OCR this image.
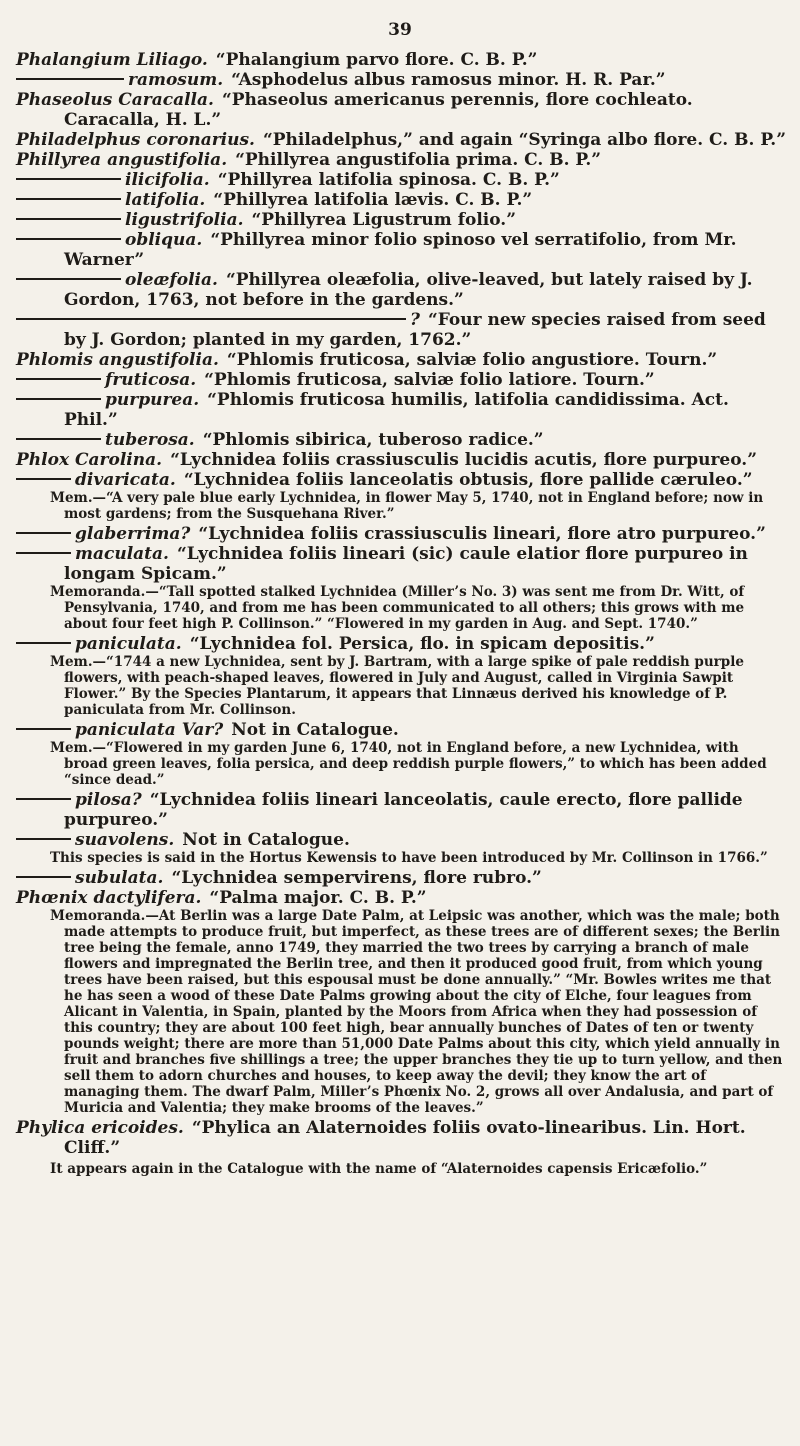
39

Phalangium Liliago. “Phalangium parvo flore. C. B. P.”

ramosum. “Asphodelus albus ramosus minor. H. R. Par.”

Phaseolus Caracalla. “Phaseolus americanus perennis, flore cochleato. Caracalla, H. L.”

Philadelphus coronarius. “Philadelphus,” and again “Syringa albo flore. C. B. P.”

Phillyrea angustifolia. “Phillyrea angustifolia prima. C. B. P.”

ilicifolia. “Phillyrea latifolia spinosa. C. B. P.”

latifolia. “Phillyrea latifolia lævis. C. B. P.”

ligustrifolia. “Phillyrea Ligustrum folio.”

obliqua. “Phillyrea minor folio spinoso vel serratifolio, from Mr. Warner”

oleæfolia. “Phillyrea oleæfolia, olive-leaved, but lately raised by J. Gordon, 1763, not before in the gardens.”

? “Four new species raised from seed by J. Gordon; planted in my garden, 1762.”

Phlomis angustifolia. “Phlomis fruticosa, salviæ folio angustiore. Tourn.”

fruticosa. “Phlomis fruticosa, salviæ folio latiore. Tourn.”

purpurea. “Phlomis fruticosa humilis, latifolia candidissima. Act. Phil.”

tuberosa. “Phlomis sibirica, tuberoso radice.”

Phlox Carolina. “Lychnidea foliis crassiusculis lucidis acutis, flore purpureo.”

divaricata. “Lychnidea foliis lanceolatis obtusis, flore pallide cæruleo.”

Mem.—“A very pale blue early Lychnidea, in flower May 5, 1740, not in England before; now in most gardens; from the Susquehana River.”

glaberrima? “Lychnidea foliis crassiusculis lineari, flore atro purpureo.”

maculata. “Lychnidea foliis lineari (sic) caule elatior flore purpureo in longam Spicam.”

Memoranda.—“Tall spotted stalked Lychnidea (Miller’s No. 3) was sent me from Dr. Witt, of Pensylvania, 1740, and from me has been communicated to all others; this grows with me about four feet high P. Collinson.” “Flowered in my garden in Aug. and Sept. 1740.”

paniculata. “Lychnidea fol. Persica, flo. in spicam depositis.”

Mem.—“1744 a new Lychnidea, sent by J. Bartram, with a large spike of pale reddish purple flowers, with peach-shaped leaves, flowered in July and August, called in Virginia Sawpit Flower.” By the Species Plantarum, it appears that Linnæus derived his knowledge of P. paniculata from Mr. Collinson.

paniculata Var? Not in Catalogue.

Mem.—“Flowered in my garden June 6, 1740, not in England before, a new Lychnidea, with broad green leaves, folia persica, and deep reddish purple flowers,” to which has been added “since dead.”

pilosa? “Lychnidea foliis lineari lanceolatis, caule erecto, flore pallide purpureo.”

suavolens. Not in Catalogue.

This species is said in the Hortus Kewensis to have been introduced by Mr. Collinson in 1766.”

subulata. “Lychnidea sempervirens, flore rubro.”

Phœnix dactylifera. “Palma major. C. B. P.”

Memoranda.—At Berlin was a large Date Palm, at Leipsic was another, which was the male; both made attempts to produce fruit, but imperfect, as these trees are of different sexes; the Berlin tree being the female, anno 1749, they married the two trees by carrying a branch of male flowers and impregnated the Berlin tree, and then it produced good fruit, from which young trees have been raised, but this espousal must be done annually.” “Mr. Bowles writes me that he has seen a wood of these Date Palms growing about the city of Elche, four leagues from Alicant in Valentia, in Spain, planted by the Moors from Africa when they had possession of this country; they are about 100 feet high, bear annually bunches of Dates of ten or twenty pounds weight; there are more than 51,000 Date Palms about this city, which yield annually in fruit and branches five shillings a tree; the upper branches they tie up to turn yellow, and then sell them to adorn churches and houses, to keep away the devil; they know the art of managing them. The dwarf Palm, Miller’s Phœnix No. 2, grows all over Andalusia, and part of Muricia and Valentia; they make brooms of the leaves.”

Phylica ericoides. “Phylica an Alaternoides foliis ovato-linearibus. Lin. Hort. Cliff.”

It appears again in the Catalogue with the name of “Alaternoides capensis Ericæfolio.”
